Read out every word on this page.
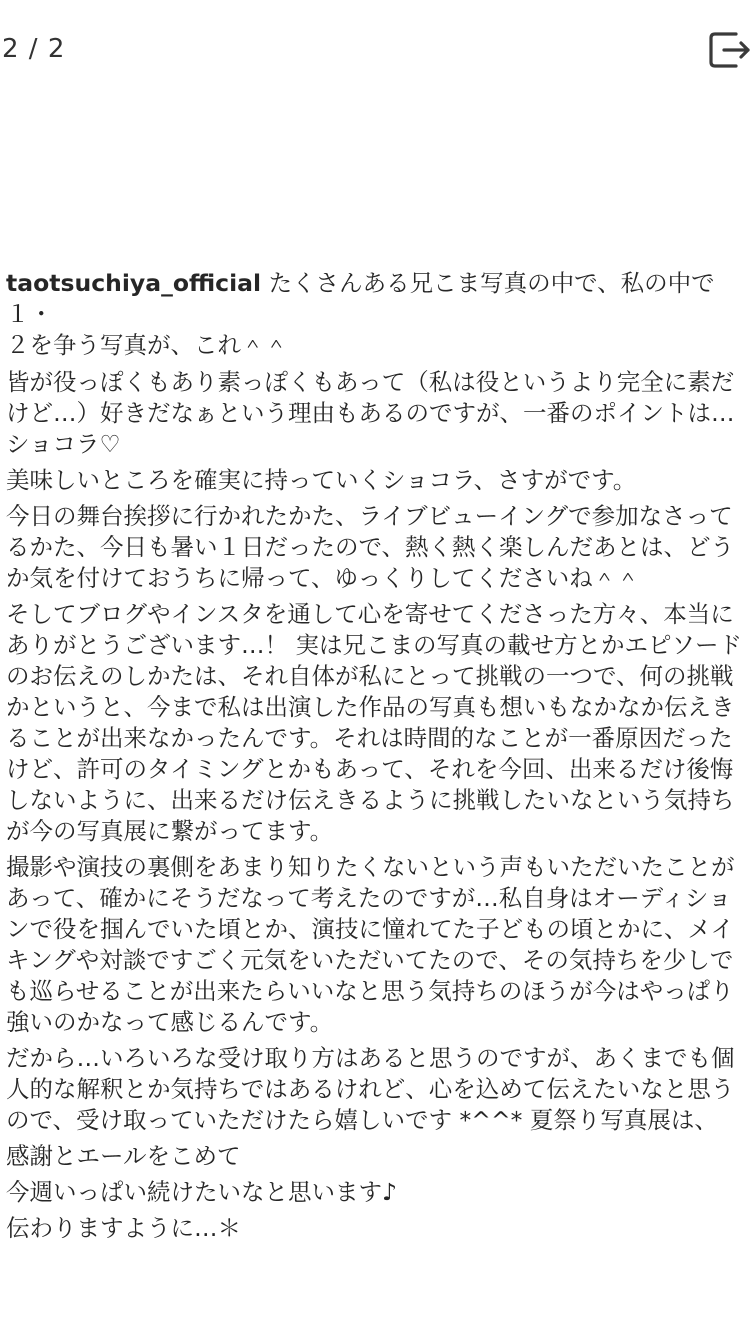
2 / 2

taotsuchiya_official たくさんある兄こま写真の中で、私の中で１・
２を争う写真が、これ＾＾

皆が役っぽくもあり素っぽくもあって（私は役というより完全に素だ
けど…）好きだなぁという理由もあるのですが、一番のポイントは…
ショコラ♡

美味しいところを確実に持っていくショコラ、さすがです。

今日の舞台挨拶に行かれたかた、ライブビューイングで参加なさって
るかた、今日も暑い１日だったので、熱く熱く楽しんだあとは、どう
か気を付けておうちに帰って、ゆっくりしてくださいね＾＾

そしてブログやインスタを通して心を寄せてくださった方々、本当に
ありがとうございます…！ 実は兄こまの写真の載せ方とかエピソード
のお伝えのしかたは、それ自体が私にとって挑戦の一つで、何の挑戦
かというと、今まで私は出演した作品の写真も想いもなかなか伝えき
ることが出来なかったんです。それは時間的なことが一番原因だった
けど、許可のタイミングとかもあって、それを今回、出来るだけ後悔
しないように、出来るだけ伝えきるように挑戦したいなという気持ち
が今の写真展に繋がってます。

撮影や演技の裏側をあまり知りたくないという声もいただいたことが
あって、確かにそうだなって考えたのですが…私自身はオーディショ
ンで役を掴んでいた頃とか、演技に憧れてた子どもの頃とかに、メイ
キングや対談ですごく元気をいただいてたので、その気持ちを少しで
も巡らせることが出来たらいいなと思う気持ちのほうが今はやっぱり
強いのかなって感じるんです。

だから…いろいろな受け取り方はあると思うのですが、あくまでも個
人的な解釈とか気持ちではあるけれど、心を込めて伝えたいなと思う
ので、受け取っていただけたら嬉しいです *^^* 夏祭り写真展は、

感謝とエールをこめて

今週いっぱい続けたいなと思います♪

伝わりますように…＊
